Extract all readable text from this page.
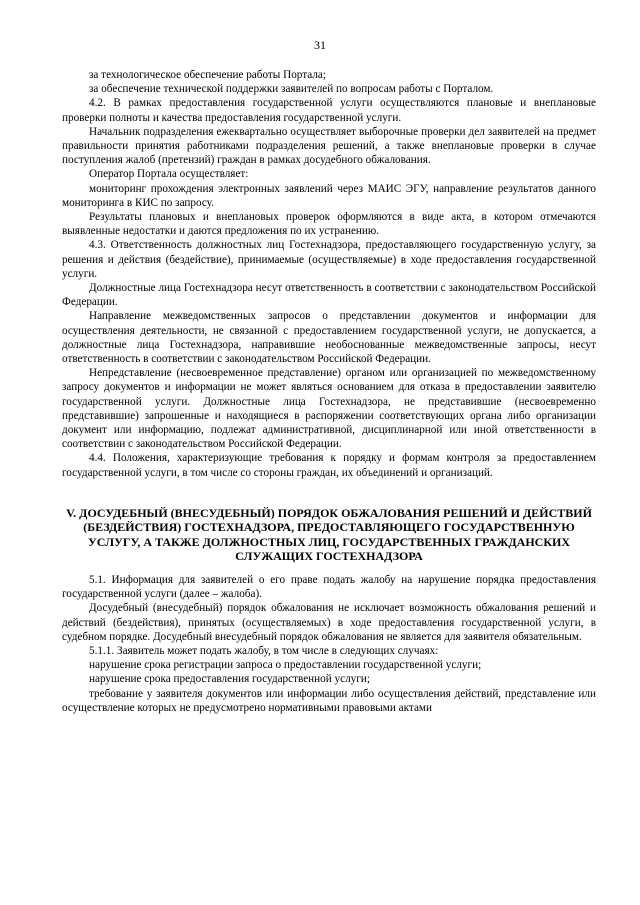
31

за технологическое обеспечение работы Портала;

за обеспечение технической поддержки заявителей по вопросам работы с Порталом.

4.2. В рамках предоставления государственной услуги осуществляются плановые и внеплановые проверки полноты и качества предоставления государственной услуги.

Начальник подразделения ежеквартально осуществляет выборочные проверки дел заявителей на предмет правильности принятия работниками подразделения решений, а также внеплановые проверки в случае поступления жалоб (претензий) граждан в рамках досудебного обжалования.

Оператор Портала осуществляет:

мониторинг прохождения электронных заявлений через МАИС ЭГУ, направление результатов данного мониторинга в КИС по запросу.

Результаты плановых и внеплановых проверок оформляются в виде акта, в котором отмечаются выявленные недостатки и даются предложения по их устранению.

4.3. Ответственность должностных лиц Гостехнадзора, предоставляющего государственную услугу, за решения и действия (бездействие), принимаемые (осуществляемые) в ходе предоставления государственной услуги.

Должностные лица Гостехнадзора несут ответственность в соответствии с законодательством Российской Федерации.

Направление межведомственных запросов о представлении документов и информации для осуществления деятельности, не связанной с предоставлением государственной услуги, не допускается, а должностные лица Гостехнадзора, направившие необоснованные межведомственные запросы, несут ответственность в соответствии с законодательством Российской Федерации.

Непредставление (несвоевременное представление) органом или организацией по межведомственному запросу документов и информации не может являться основанием для отказа в предоставлении заявителю государственной услуги. Должностные лица Гостехнадзора, не представившие (несвоевременно представившие) запрошенные и находящиеся в распоряжении соответствующих органа либо организации документ или информацию, подлежат административной, дисциплинарной или иной ответственности в соответствии с законодательством Российской Федерации.

4.4. Положения, характеризующие требования к порядку и формам контроля за предоставлением государственной услуги, в том числе со стороны граждан, их объединений и организаций.

V. ДОСУДЕБНЫЙ (ВНЕСУДЕБНЫЙ) ПОРЯДОК ОБЖАЛОВАНИЯ РЕШЕНИЙ И ДЕЙСТВИЙ (БЕЗДЕЙСТВИЯ) ГОСТЕХНАДЗОРА, ПРЕДОСТАВЛЯЮЩЕГО ГОСУДАРСТВЕННУЮ УСЛУГУ, А ТАКЖЕ ДОЛЖНОСТНЫХ ЛИЦ, ГОСУДАРСТВЕННЫХ ГРАЖДАНСКИХ СЛУЖАЩИХ ГОСТЕХНАДЗОРА

5.1. Информация для заявителей о его праве подать жалобу на нарушение порядка предоставления государственной услуги (далее – жалоба).

Досудебный (внесудебный) порядок обжалования не исключает возможность обжалования решений и действий (бездействия), принятых (осуществляемых) в ходе предоставления государственной услуги, в судебном порядке. Досудебный внесудебный порядок обжалования не является для заявителя обязательным.

5.1.1. Заявитель может подать жалобу, в том числе в следующих случаях:

нарушение срока регистрации запроса о предоставлении государственной услуги;

нарушение срока предоставления государственной услуги;

требование у заявителя документов или информации либо осуществления действий, представление или осуществление которых не предусмотрено нормативными правовыми актами
